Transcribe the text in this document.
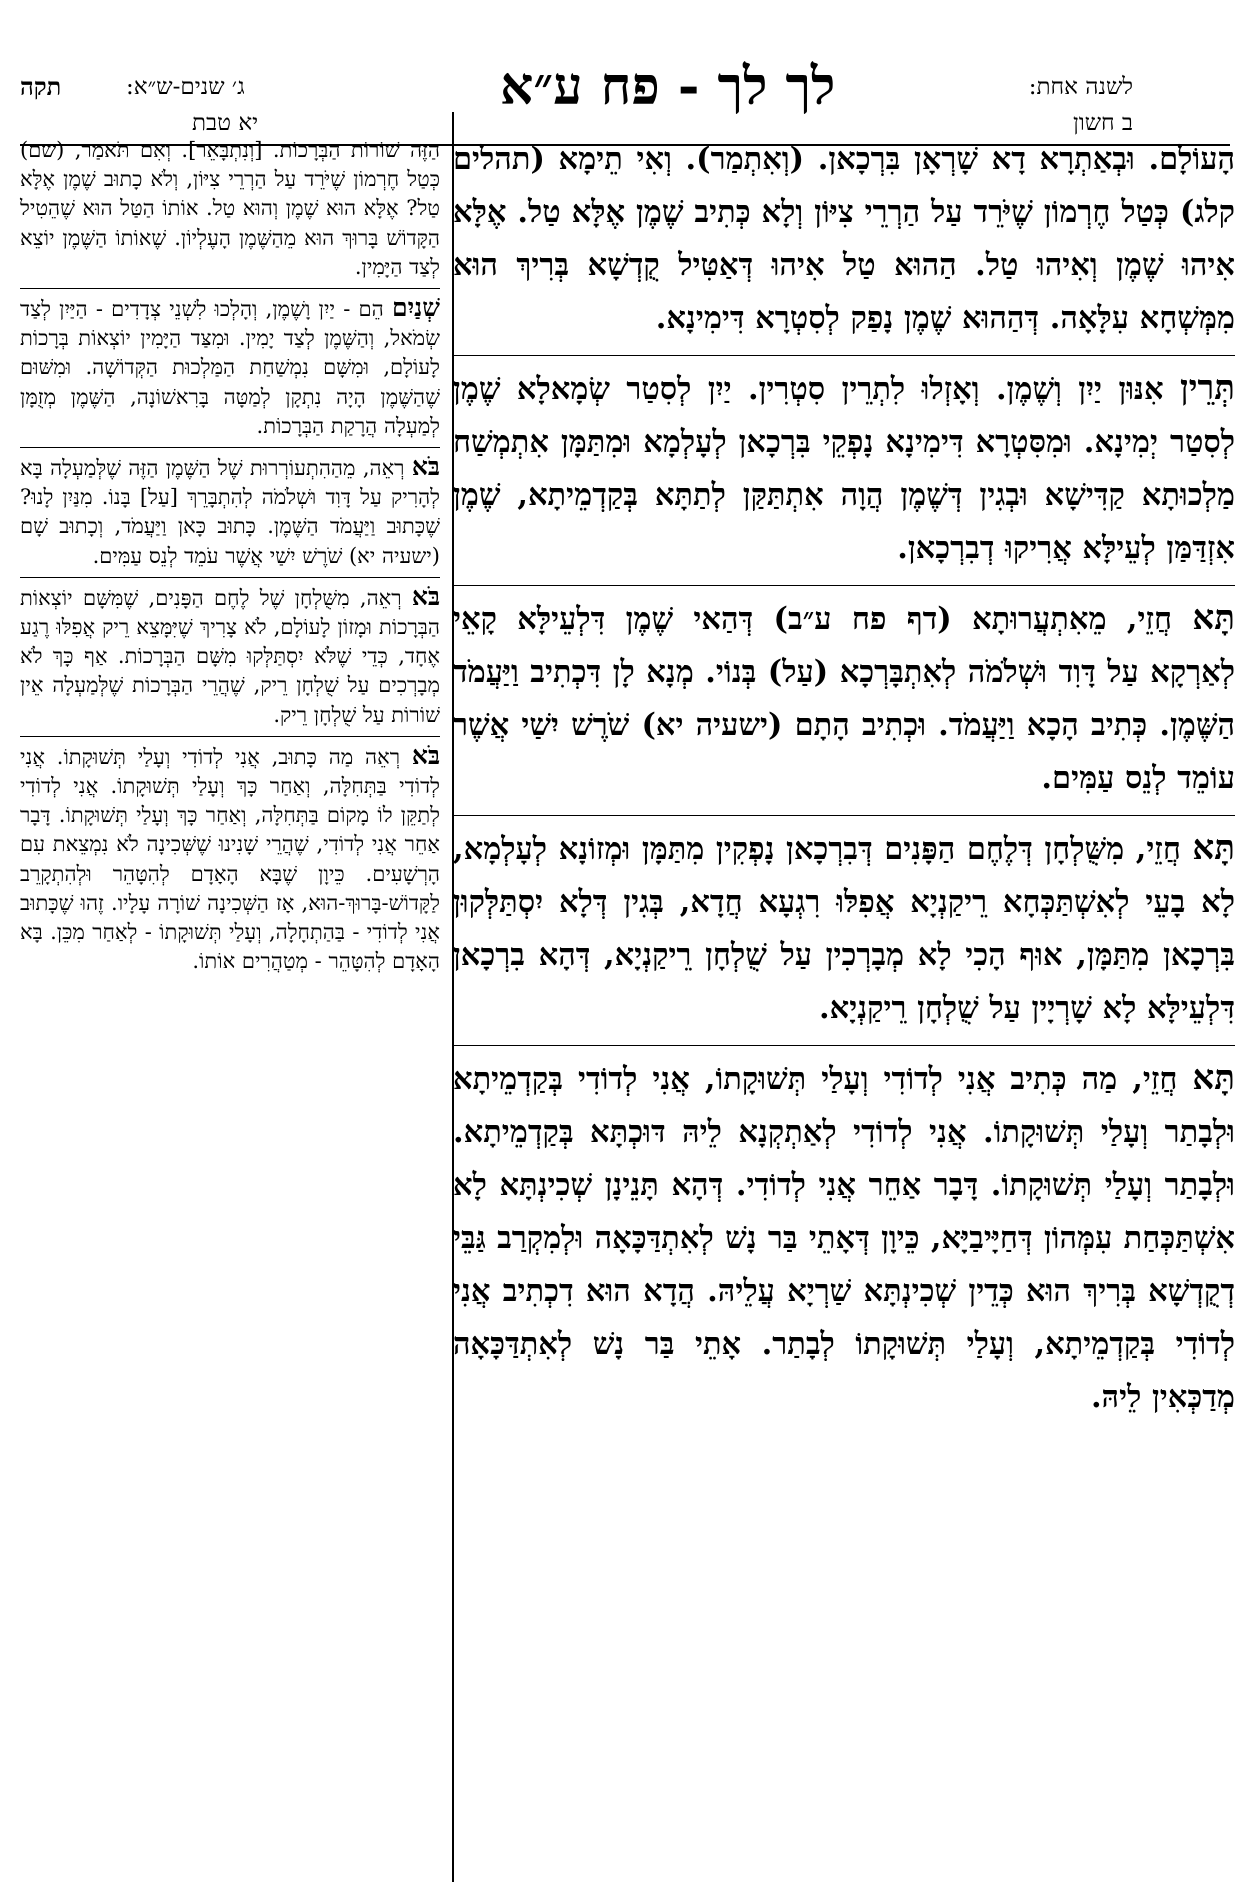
תקה	ג׳ שנים-ש״א:
יא טבת
לך לך - פח ע״א	לשנה אחת:
ב חשון

הָעוֹלָם. וּבְאַתְרָא דָא שָׁרְאָן בִּרְכָאן. (וְאִתְמַר). וְאִי תֵימָא (תהלים קלג) כְּטַל חֶרְמוֹן שֶׁיֹּרֵד עַל הַרְרֵי צִיּוֹן וְלָא כְּתִיב שֶׁמֶן אֶלָּא טַל. אֶלָּא אִיהוּ שֶׁמֶן וְאִיהוּ טַל. הַהוּא טַל אִיהוּ דְּאַטִּיל קֻדְשָׁא בְּרִיךְ הוּא מִמְּשְׁחָא עִלָּאָה. דְּהַהוּא שֶׁמֶן נָפַק לְסִטְרָא דִּימִינָא.

תְּרֵין אִנּוּן יַיִן וְשֶׁמֶן. וְאָזְלוּ לִתְרֵין סִטְרִין. יַיִן לְסִטַר שְׂמָאלָא שֶׁמֶן לְסִטַר יְמִינָא. וּמִסִּטְרָא דִּימִינָא נָפְקֵי בִּרְכָאן לְעָלְמָא וּמִתַּמָּן אִתְמְשַׁח מַלְכוּתָא קַדִּישָׁא וּבְגִין דְּשֶׁמֶן הֲוָה אִתְתַּקַּן לְתַתָּא בְּקַדְמֵיתָא, שֶׁמֶן אִזְדַּמַּן לְעֵילָּא אֲרִיקוּ דְבִרְכָאן.

תָּא חֲזֵי, מֵאִתְעֲרוּתָא (דף פח ע״ב) דְּהַאי שֶׁמֶן דִּלְעֵילָּא קָאֵי לְאַרְקָא עַל דָּוִד וּשְׁלֹמֹה לְאִתְבָּרְכָא (עַל) בְּנוֹי. מְנָא לָן דִּכְתִיב וַיַּעֲמֹד הַשֶּׁמֶן. כְּתִיב הָכָא וַיַּעֲמֹד. וּכְתִיב הָתָם (ישעיה יא) שֹׁרֶשׁ יִשַׁי אֲשֶׁר עוֹמֵד לְנֵס עַמִּים.

תָּא חֲזֵי, מִשֻּׁלְחָן דְּלֶחֶם הַפָּנִים דְּבִרְכָאן נָפְקִין מִתַּמָּן וּמְזוֹנָא לְעָלְמָא, לָא בָעֵי לְאִשְׁתַּכְּחָא רֵיקַנְיָא אֲפִלּוּ רִגְעָא חֲדָא, בְּגִין דְּלָא יִסְתַּלְּקוּן בִּרְכָאן מִתַּמָּן, אוּף הָכִי לָא מְבָרְכִין עַל שֻׁלְחָן רֵיקַנְיָא, דְּהָא בִרְכָאן דִּלְעֵילָּא לָא שָׁרְיָין עַל שֻׁלְחָן רֵיקַנְיָא.

תָּא חֲזֵי, מַה כְּתִיב אֲנִי לְדוֹדִי וְעָלַי תְּשׁוּקָתוֹ, אֲנִי לְדוֹדִי בְּקַדְמֵיתָא וּלְבָתַר וְעָלַי תְּשׁוּקָתוֹ. אֲנִי לְדוֹדִי לְאַתְקְנָא לֵיהּ דּוּכְתָּא בְּקַדְמֵיתָא. וּלְבָתַר וְעָלַי תְּשׁוּקָתוֹ. דָּבָר אַחֵר אֲנִי לְדוֹדִי. דְּהָא תָּנֵינָן שְׁכִינְתָּא לָא אִשְׁתַּכְּחַת עִמְּהוֹן דְּחַיָּיבַיָּא, כֵּיוָן דְּאָתֵי בַּר נָשׁ לְאִתְדַּכָּאָה וּלְמִקְרַב גַּבֵּי דְקֻדְשָׁא בְּרִיךְ הוּא כְּדֵין שְׁכִינְתָּא שַׁרְיָא עֲלֵיהּ. הֲדָא הוּא דִכְתִיב אֲנִי לְדוֹדִי בְּקַדְמֵיתָא, וְעָלַי תְּשׁוּקָתוֹ לְבָתַר. אָתֵי בַּר נָשׁ לְאִתְדַּכָּאָה מְדַכְּאִין לֵיהּ.

הַזֶּה שׁוֹרוֹת הַבְּרָכוֹת. [וְנִתְבָּאֵר]. וְאִם תֹּאמַר, (שם) כְּטַל חֶרְמוֹן שֶׁיֹּרֵד עַל הַרְרֵי צִיּוֹן, וְלֹא כָתוּב שֶׁמֶן אֶלָּא טַל? אֶלָּא הוּא שֶׁמֶן וְהוּא טַל. אוֹתוֹ הַטַּל הוּא שֶׁהֵטִיל הַקָּדוֹשׁ בָּרוּךְ הוּא מֵהַשֶּׁמֶן הָעֶלְיוֹן. שֶׁאוֹתוֹ הַשֶּׁמֶן יוֹצֵא לְצַד הַיָּמִין.

שְׁנַיִם הֵם - יַיִן וָשֶׁמֶן, וְהָלְכוּ לִשְׁנֵי צְדָדִים - הַיַּיִן לְצַד שְׂמֹאל, וְהַשֶּׁמֶן לְצַד יָמִין. וּמִצַּד הַיָּמִין יוֹצְאוֹת בְּרָכוֹת לָעוֹלָם, וּמִשָּׁם נִמְשַׁחַת הַמַּלְכוּת הַקְּדוֹשָׁה. וּמִשּׁוּם שֶׁהַשֶּׁמֶן הָיָה נִתְקָן לְמַטָּה בָּרִאשׁוֹנָה, הַשֶּׁמֶן מְזֻמָּן לְמַעְלָה הֲרָקַת הַבְּרָכוֹת.

בֹּא רְאֵה, מֵהַהִתְעוֹרְרוּת שֶׁל הַשֶּׁמֶן הַזֶּה שֶׁלְּמַעְלָה בָּא לְהָרִיק עַל דָּוִד וּשְׁלֹמֹה לְהִתְבָּרֵךְ [עַל] בָּנוֹ. מִנַּיִן לָנוּ? שֶׁכָּתוּב וַיַּעֲמֹד הַשֶּׁמֶן. כָּתוּב כָּאן וַיַּעֲמֹד, וְכָתוּב שָׁם (ישעיה יא) שֹׁרֶשׁ יִשַׁי אֲשֶׁר עֹמֵד לְנֵס עַמִּים.

בֹּא רְאֵה, מִשֻּׁלְחָן שֶׁל לֶחֶם הַפָּנִים, שֶׁמִּשָּׁם יוֹצְאוֹת הַבְּרָכוֹת וּמָזוֹן לָעוֹלָם, לֹא צָרִיךְ שֶׁיִּמָּצֵא רֵיק אֲפִלּוּ רֶגַע אֶחָד, כְּדֵי שֶׁלֹּא יִסְתַּלְּקוּ מִשָּׁם הַבְּרָכוֹת. אַף כָּךְ לֹא מְבָרְכִים עַל שֻׁלְחָן רֵיק, שֶׁהֲרֵי הַבְּרָכוֹת שֶׁלְּמַעְלָה אֵין שׁוֹרוֹת עַל שֻׁלְחָן רֵיק.

בֹּא רְאֵה מַה כָּתוּב, אֲנִי לְדוֹדִי וְעָלַי תְּשׁוּקָתוֹ. אֲנִי לְדוֹדִי בַּתְּחִלָּה, וְאַחַר כָּךְ וְעָלַי תְּשׁוּקָתוֹ. אֲנִי לְדוֹדִי לְתַקֵּן לוֹ מָקוֹם בַּתְּחִלָּה, וְאַחַר כָּךְ וְעָלַי תְּשׁוּקָתוֹ. דָּבָר אַחֵר אֲנִי לְדוֹדִי, שֶׁהֲרֵי שָׁנִינוּ שֶׁשְּׁכִינָה לֹא נִמְצֵאת עִם הָרְשָׁעִים. כֵּיוָן שֶׁבָּא הָאָדָם לְהִטָּהֵר וּלְהִתְקָרֵב לַקָּדוֹשׁ-בָּרוּךְ-הוּא, אָז הַשְּׁכִינָה שׁוֹרָה עָלָיו. זֶהוּ שֶׁכָּתוּב אֲנִי לְדוֹדִי - בַּהַתְחָלָה, וְעָלַי תְּשׁוּקָתוֹ - לְאַחַר מִכֵּן. בָּא הָאָדָם לְהִטָּהֵר - מְטַהֲרִים אוֹתוֹ.
